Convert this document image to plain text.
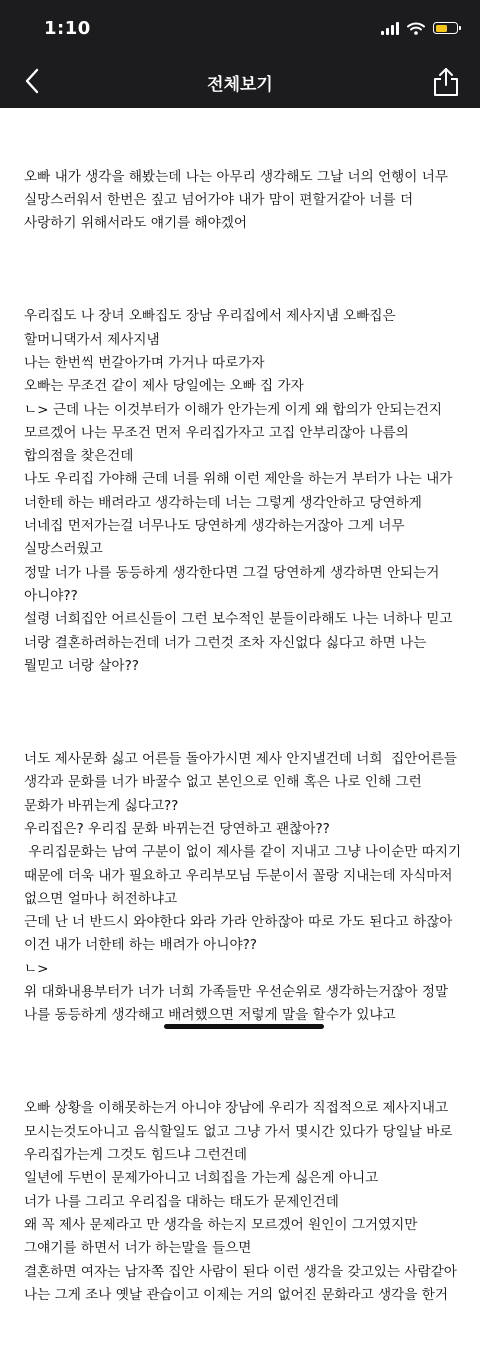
1:10
전체보기

오빠 내가 생각을 해봤는데 나는 아무리 생각해도 그날 너의 언행이 너무 실망스러워서 한번은 짚고 넘어가야 내가 맘이 편할거같아 너를 더 사랑하기 위해서라도 얘기를 해야겠어

우리집도 나 장녀 오빠집도 장남 우리집에서 제사지냄 오빠집은 할머니댁가서 제사지냄
나는 한번씩 번갈아가며 가거나 따로가자
오빠는 무조건 같이 제사 당일에는 오빠 집 가자
ㄴ> 근데 나는 이것부터가 이해가 안가는게 이게 왜 합의가 안되는건지 모르겠어 나는 무조건 먼저 우리집가자고 고집 안부리잖아 나름의 합의점을 찾은건데
나도 우리집 가야해 근데 너를 위해 이런 제안을 하는거 부터가 나는 내가 너한테 하는 배려라고 생각하는데 너는 그렇게 생각안하고 당연하게 너네집 먼저가는걸 너무나도 당연하게 생각하는거잖아 그게 너무 실망스러웠고
정말 너가 나를 동등하게 생각한다면 그걸 당연하게 생각하면 안되는거 아니야??
설령 너희집안 어르신들이 그런 보수적인 분들이라해도 나는 너하나 믿고 너랑 결혼하려하는건데 너가 그런것 조차 자신없다 싫다고 하면 나는 뭘믿고 너랑 살아??

너도 제사문화 싫고 어른들 돌아가시면 제사 안지낼건데 너희  집안어른들 생각과 문화를 너가 바꿀수 없고 본인으로 인해 혹은 나로 인해 그런 문화가 바뀌는게 싫다고??
우리집은? 우리집 문화 바뀌는건 당연하고 괜찮아??
우리집문화는 남여 구분이 없이 제사를 같이 지내고 그냥 나이순만 따지기 때문에 더욱 내가 필요하고 우리부모님 두분이서 꼴랑 지내는데 자식마저 없으면 얼마나 허전하냐고
근데 난 너 반드시 와야한다 와라 가라 안하잖아 따로 가도 된다고 하잖아 이건 내가 너한테 하는 배려가 아니야??
ㄴ>
위 대화내용부터가 너가 너희 가족들만 우선순위로 생각하는거잖아 정말 나를 동등하게 생각해고 배려했으면 저렇게 말을 할수가 있냐고

오빠 상황을 이해못하는거 아니야 장남에 우리가 직접적으로 제사지내고 모시는것도아니고 음식할일도 없고 그냥 가서 몇시간 있다가 당일날 바로 우리집가는게 그것도 힘드냐 그런건데
일년에 두번이 문제가아니고 너희집을 가는게 싫은게 아니고
너가 나를 그리고 우리집을 대하는 태도가 문제인건데
왜 꼭 제사 문제라고 만 생각을 하는지 모르겠어 원인이 그거였지만 그얘기를 하면서 너가 하는말을 들으면
결혼하면 여자는 남자쪽 집안 사람이 된다 이런 생각을 갖고있는 사람같아
나는 그게 조나 옛날 관습이고 이제는 거의 없어진 문화라고 생각을 한거
